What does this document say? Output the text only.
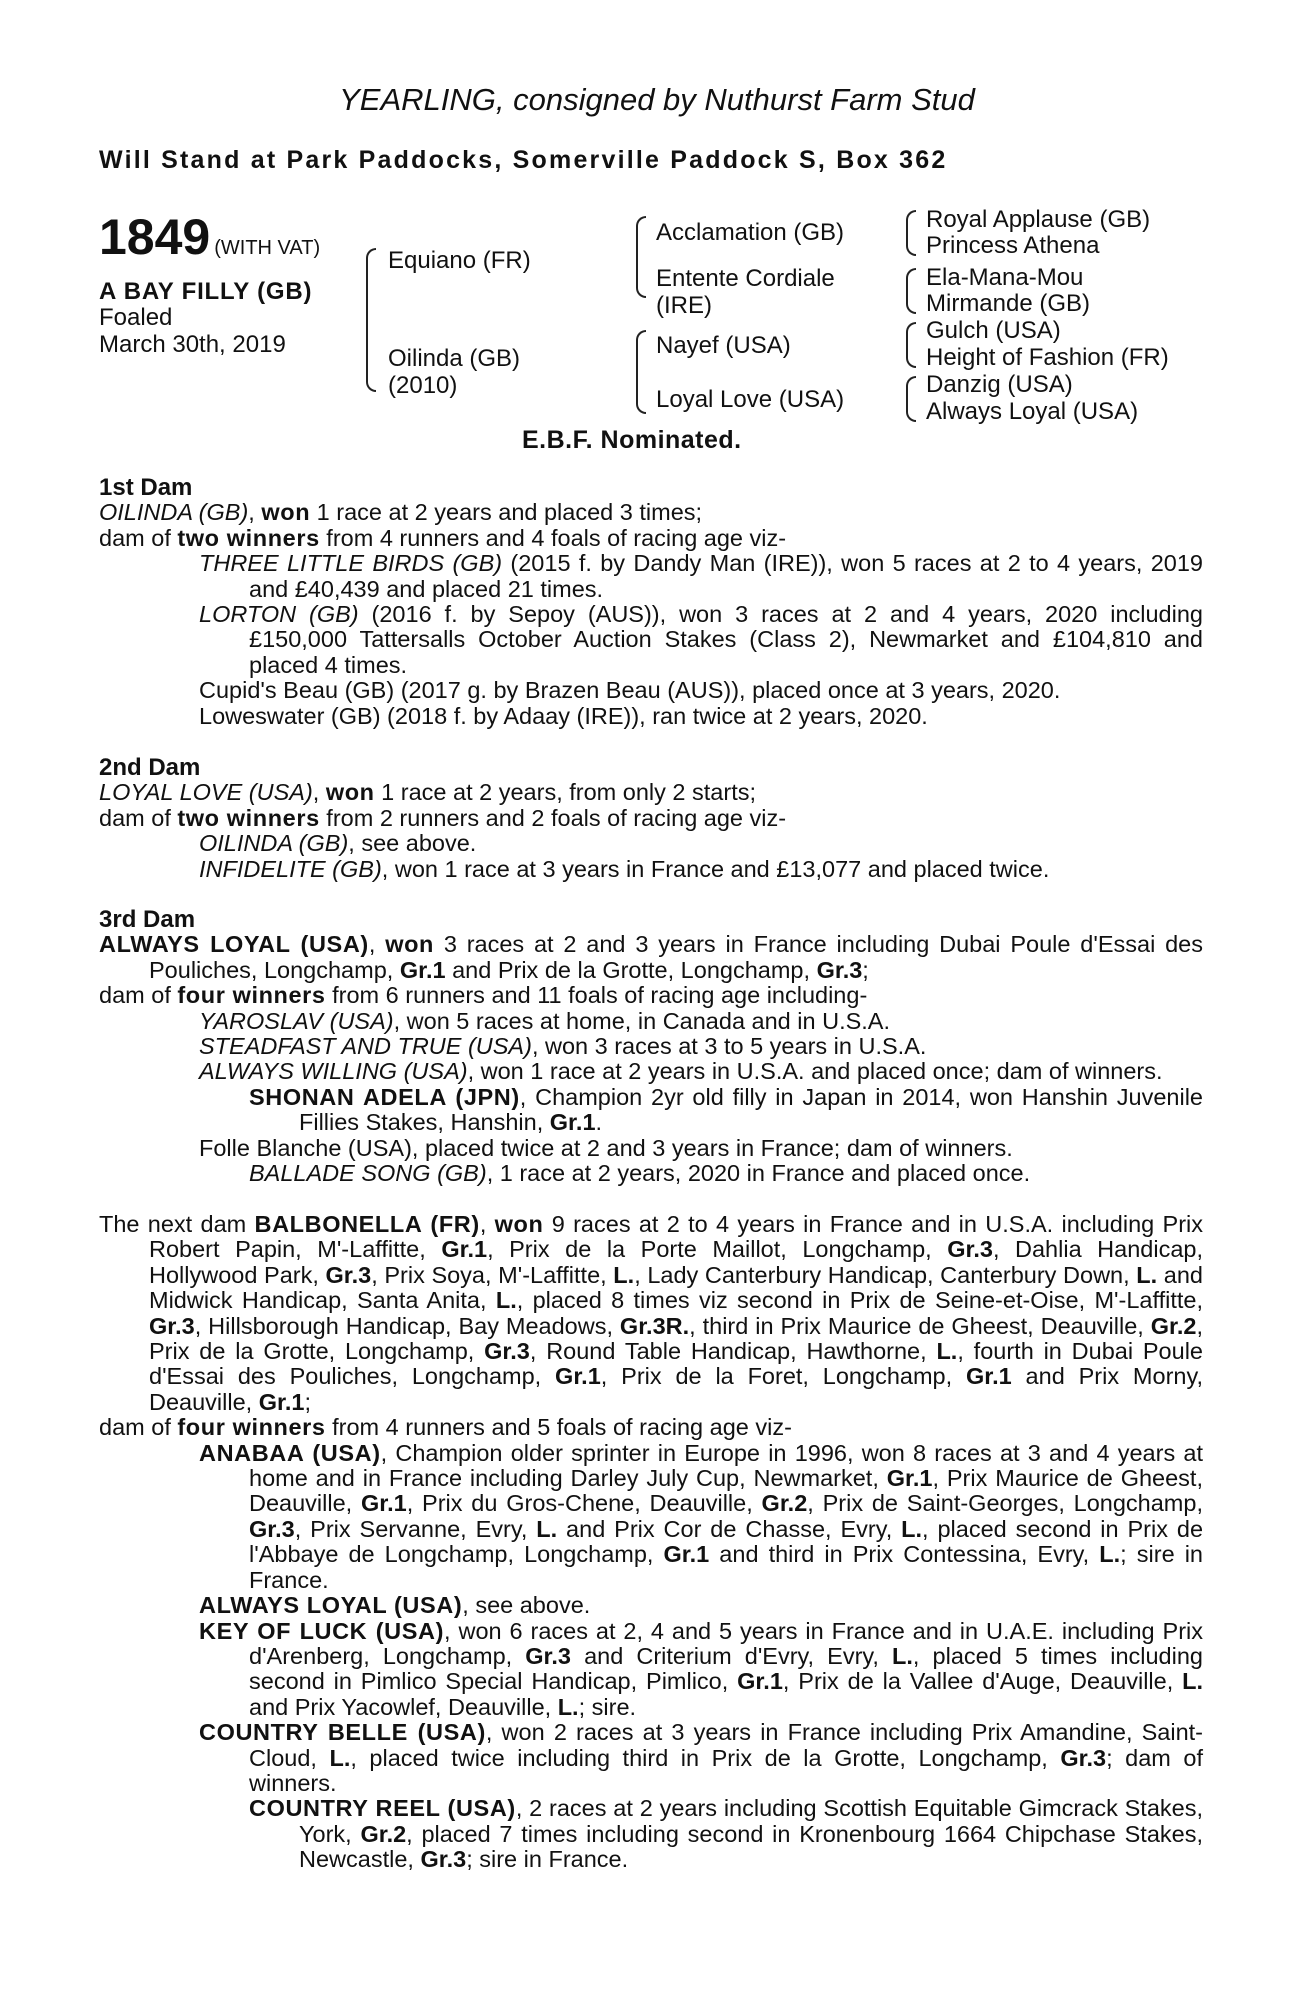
YEARLING, consigned by Nuthurst Farm Stud
Will Stand at Park Paddocks, Somerville Paddock S, Box 362
1849 (WITH VAT)
A BAY FILLY (GB)
Foaled
March 30th, 2019
Equiano (FR)
Oilinda (GB)
(2010)
Acclamation (GB)
Entente Cordiale
(IRE)
Nayef (USA)
Loyal Love (USA)
Royal Applause (GB)
Princess Athena
Ela-Mana-Mou
Mirmande (GB)
Gulch (USA)
Height of Fashion (FR)
Danzig (USA)
Always Loyal (USA)
E.B.F. Nominated.
1st Dam
OILINDA (GB), won 1 race at 2 years and placed 3 times;
dam of two winners from 4 runners and 4 foals of racing age viz-
THREE LITTLE BIRDS (GB) (2015 f. by Dandy Man (IRE)), won 5 races at 2 to 4 years, 2019 and £40,439 and placed 21 times.
LORTON (GB) (2016 f. by Sepoy (AUS)), won 3 races at 2 and 4 years, 2020 including £150,000 Tattersalls October Auction Stakes (Class 2), Newmarket and £104,810 and placed 4 times.
Cupid's Beau (GB) (2017 g. by Brazen Beau (AUS)), placed once at 3 years, 2020.
Loweswater (GB) (2018 f. by Adaay (IRE)), ran twice at 2 years, 2020.
2nd Dam
LOYAL LOVE (USA), won 1 race at 2 years, from only 2 starts;
dam of two winners from 2 runners and 2 foals of racing age viz-
OILINDA (GB), see above.
INFIDELITE (GB), won 1 race at 3 years in France and £13,077 and placed twice.
3rd Dam
ALWAYS LOYAL (USA), won 3 races at 2 and 3 years in France including Dubai Poule d'Essai des Pouliches, Longchamp, Gr.1 and Prix de la Grotte, Longchamp, Gr.3;
dam of four winners from 6 runners and 11 foals of racing age including-
YAROSLAV (USA), won 5 races at home, in Canada and in U.S.A.
STEADFAST AND TRUE (USA), won 3 races at 3 to 5 years in U.S.A.
ALWAYS WILLING (USA), won 1 race at 2 years in U.S.A. and placed once; dam of winners.
SHONAN ADELA (JPN), Champion 2yr old filly in Japan in 2014, won Hanshin Juvenile Fillies Stakes, Hanshin, Gr.1.
Folle Blanche (USA), placed twice at 2 and 3 years in France; dam of winners.
BALLADE SONG (GB), 1 race at 2 years, 2020 in France and placed once.
The next dam BALBONELLA (FR), won 9 races at 2 to 4 years in France and in U.S.A. including Prix Robert Papin, M'-Laffitte, Gr.1, Prix de la Porte Maillot, Longchamp, Gr.3, Dahlia Handicap, Hollywood Park, Gr.3, Prix Soya, M'-Laffitte, L., Lady Canterbury Handicap, Canterbury Down, L. and Midwick Handicap, Santa Anita, L., placed 8 times viz second in Prix de Seine-et-Oise, M'-Laffitte, Gr.3, Hillsborough Handicap, Bay Meadows, Gr.3R., third in Prix Maurice de Gheest, Deauville, Gr.2, Prix de la Grotte, Longchamp, Gr.3, Round Table Handicap, Hawthorne, L., fourth in Dubai Poule d'Essai des Pouliches, Longchamp, Gr.1, Prix de la Foret, Longchamp, Gr.1 and Prix Morny, Deauville, Gr.1;
dam of four winners from 4 runners and 5 foals of racing age viz-
ANABAA (USA), Champion older sprinter in Europe in 1996, won 8 races at 3 and 4 years at home and in France including Darley July Cup, Newmarket, Gr.1, Prix Maurice de Gheest, Deauville, Gr.1, Prix du Gros-Chene, Deauville, Gr.2, Prix de Saint-Georges, Longchamp, Gr.3, Prix Servanne, Evry, L. and Prix Cor de Chasse, Evry, L., placed second in Prix de l'Abbaye de Longchamp, Longchamp, Gr.1 and third in Prix Contessina, Evry, L.; sire in France.
ALWAYS LOYAL (USA), see above.
KEY OF LUCK (USA), won 6 races at 2, 4 and 5 years in France and in U.A.E. including Prix d'Arenberg, Longchamp, Gr.3 and Criterium d'Evry, Evry, L., placed 5 times including second in Pimlico Special Handicap, Pimlico, Gr.1, Prix de la Vallee d'Auge, Deauville, L. and Prix Yacowlef, Deauville, L.; sire.
COUNTRY BELLE (USA), won 2 races at 3 years in France including Prix Amandine, Saint-Cloud, L., placed twice including third in Prix de la Grotte, Longchamp, Gr.3; dam of winners.
COUNTRY REEL (USA), 2 races at 2 years including Scottish Equitable Gimcrack Stakes, York, Gr.2, placed 7 times including second in Kronenbourg 1664 Chipchase Stakes, Newcastle, Gr.3; sire in France.
